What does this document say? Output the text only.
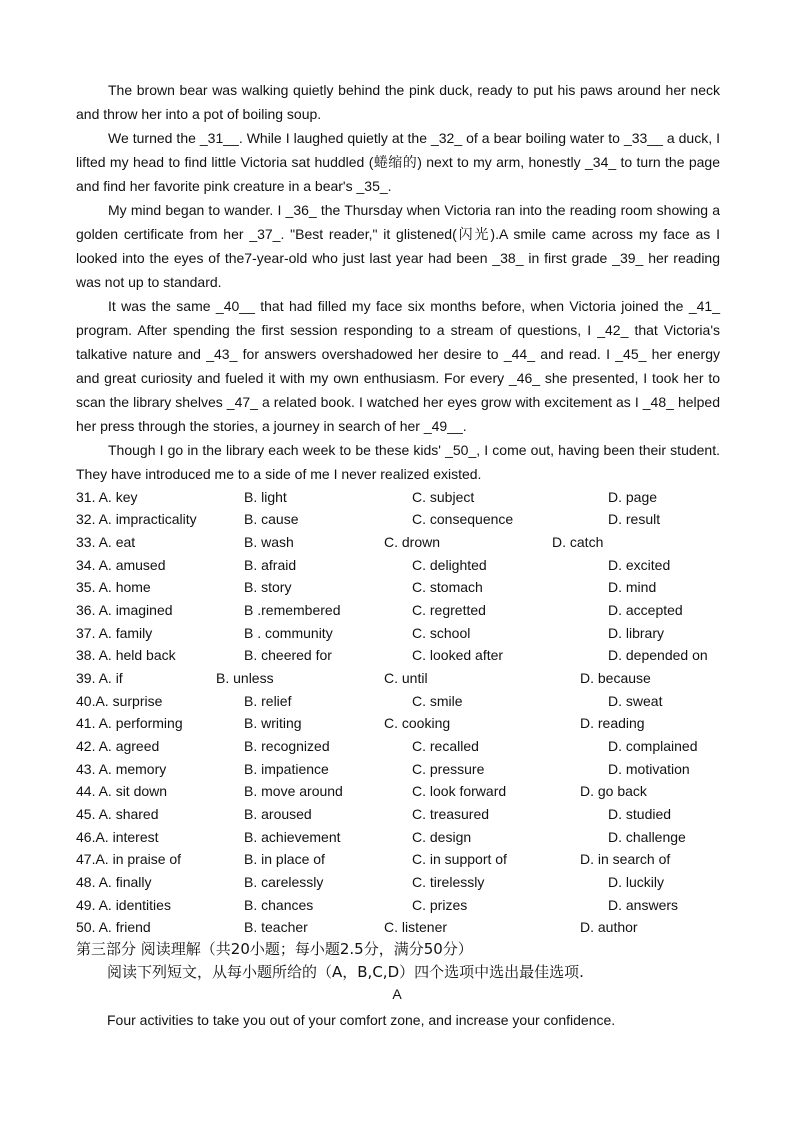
The brown bear was walking quietly behind the pink duck, ready to put his paws around her neck and throw her into a pot of boiling soup.

We turned the _31__. While I laughed quietly at the _32_ of a bear boiling water to _33__ a duck, I lifted my head to find little Victoria sat huddled (蜷缩的) next to my arm, honestly _34_ to turn the page and find her favorite pink creature in a bear's _35_.

My mind began to wander. I _36_ the Thursday when Victoria ran into the reading room showing a golden certificate from her _37_. "Best reader," it glistened(闪光).A smile came across my face as I looked into the eyes of the7-year-old who just last year had been _38_ in first grade _39_ her reading was not up to standard.

It was the same _40__ that had filled my face six months before, when Victoria joined the _41_ program. After spending the first session responding to a stream of questions, I _42_ that Victoria's talkative nature and _43_ for answers overshadowed her desire to _44_ and read. I _45_ her energy and great curiosity and fueled it with my own enthusiasm. For every _46_ she presented, I took her to scan the library shelves _47_ a related book. I watched her eyes grow with excitement as I _48_ helped her press through the stories, a journey in search of her _49__.

Though I go in the library each week to be these kids' _50_, I come out, having been their student. They have introduced me to a side of me I never realized existed.

31. A. key	B. light	C. subject	D. page
32. A. impracticality	B. cause	C. consequence	D. result
33. A. eat	B. wash	C. drown	D. catch
34. A. amused	B. afraid	C. delighted	D. excited
35. A. home	B. story	C. stomach	D. mind
36. A. imagined	B .remembered	C. regretted	D. accepted
37. A. family	B . community	C. school	D. library
38. A. held back	B. cheered for	C. looked after	D. depended on
39. A. if	B. unless	C. until	D. because
40.A. surprise	B. relief	C. smile	D. sweat
41. A. performing	B. writing	C. cooking	D. reading
42. A. agreed	B. recognized	C. recalled	D. complained
43. A. memory	B. impatience	C. pressure	D. motivation
44. A. sit down	B. move around	C. look forward	D. go back
45. A. shared	B. aroused	C. treasured	D. studied
46.A. interest	B. achievement	C. design	D. challenge
47.A. in praise of	B. in place of	C. in support of	D. in search of
48. A. finally	B. carelessly	C. tirelessly	D. luckily
49. A. identities	B. chances	C. prizes	D. answers
50. A. friend	B. teacher	C. listener	D. author
第三部分 阅读理解（共20小题；每小题2.5分，满分50分）
阅读下列短文，从每小题所给的（A，B,C,D）四个选项中选出最佳选项.
A
Four activities to take you out of your comfort zone, and increase your confidence.
